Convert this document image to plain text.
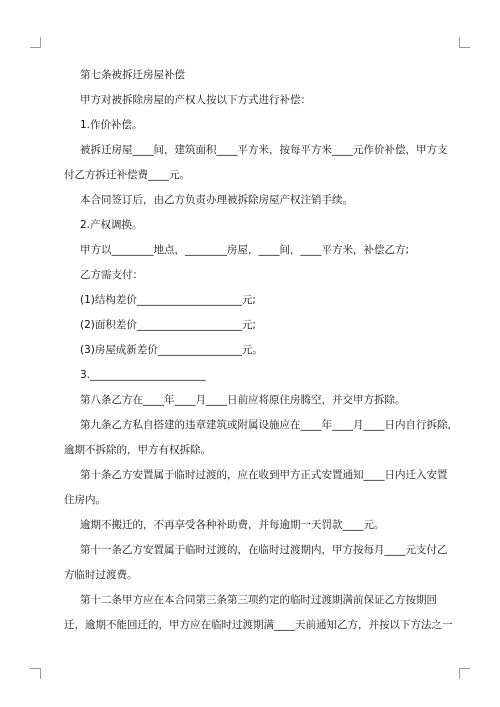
第七条被拆迁房屋补偿

甲方对被拆除房屋的产权人按以下方式进行补偿：

1.作价补偿。

被拆迁房屋____间，建筑面积____平方米，按每平方米____元作价补偿，甲方支

付乙方拆迁补偿费____元。

本合同签订后，由乙方负责办理被拆除房屋产权注销手续。

2.产权调换。

甲方以________地点，________房屋，____间，____平方米，补偿乙方;

乙方需支付：

(1)结构差价____________________元;

(2)面积差价____________________元;

(3)房屋成新差价________________元。

3.______________________

第八条乙方在____年____月____日前应将原住房腾空，并交甲方拆除。

第九条乙方私自搭建的违章建筑或附属设施应在____年____月____日内自行拆除，

逾期不拆除的，甲方有权拆除。

第十条乙方安置属于临时过渡的，应在收到甲方正式安置通知____日内迁入安置

住房内。

逾期不搬迁的，不再享受各种补助费，并每逾期一天罚款____元。

第十一条乙方安置属于临时过渡的，在临时过渡期内，甲方按每月____元支付乙

方临时过渡费。

第十二条甲方应在本合同第三条第三项约定的临时过渡期满前保证乙方按期回

迁，逾期不能回迁的，甲方应在临时过渡期满____天前通知乙方，并按以下方法之一
